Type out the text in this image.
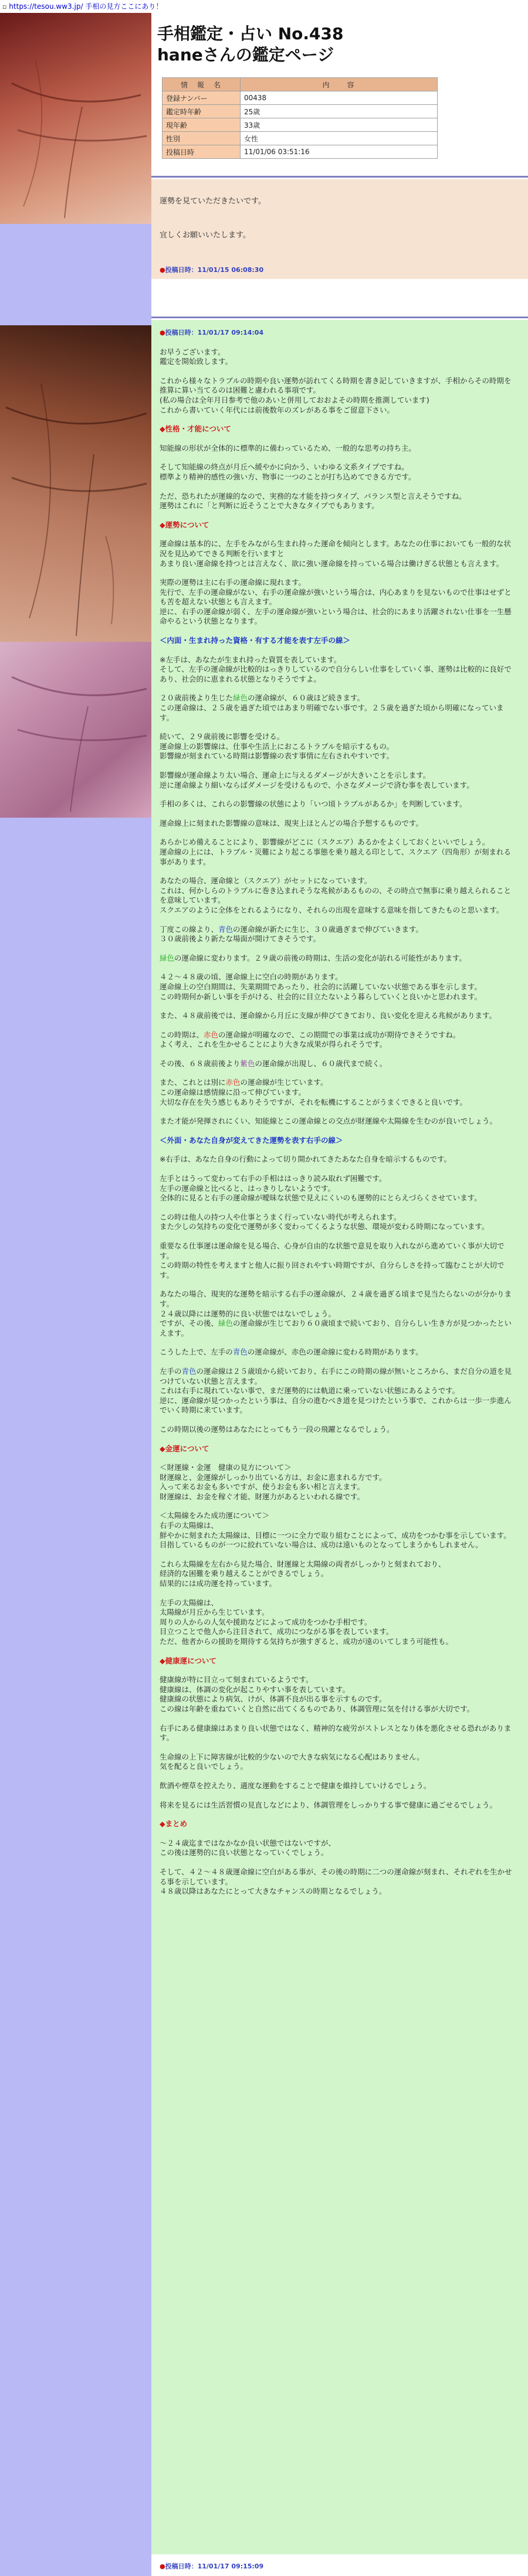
▫ https://tesou.ww3.jp/ 手相の見方ここにあり！
手相鑑定・占い No.438
haneさんの鑑定ページ
情　報　名	内　　容
登録ナンバー	00438
鑑定時年齢	25歳
現年齢	33歳
性別	女性
投稿日時	11/01/06 03:51:16

運勢を見ていただきたいです。

宜しくお願いいたします。

●投稿日時：11/01/15 06:08:30

●投稿日時：11/01/17 09:14:04

お早うございます。
鑑定を開始致します。

これから様々なトラブルの時期や良い運勢が訪れてくる時期を書き記していきますが、手相からその時期を推算に算い当てるのは困難と慮われる事項です。
(私の場合は全年月日参考で他のあいと併用しておおよその時期を推測しています)
これから書いていく年代には前後数年のズレがある事をご留意下さい。

◆性格・才能について

知能線の形状が全体的に標準的に備わっているため、一般的な思考の持ち主。

そして知能線の終点が月丘へ緩やかに向かう、いわゆる文系タイプですね。
標準より精神的感性の強い方、物事に一つのことが打ち込めてできる方です。

ただ、恐ちれたが運線的なので、実務的な才能を持つタイプ、バランス型と言えそうですね。
運勢はこれに「と判断に近そうことで大きなタイプでもあります。

◆運勢について

運命線は基本的に、左手をみながら生まれ持った運命を傾向とします。あなたの仕事においても一般的な状況を見込めてできる判断を行いますと
あまり良い運命線を持つとは言えなく、欲に強い運命線を持っている場合は働けぎる状態とも言えます。

実際の運勢は主に右手の運命線に現れます。
先行で、左手の運命線がない、右手の運命線が強いという場合は、内心あまりを見ないもので仕事はせずとも苦を超えない状態とも言えます。
逆に、右手の運命線が弱く、左手の運命線が強いという場合は、社会的にあまり活躍されない仕事を一生懸命やるという状態となります。

＜内面・生まれ持った資格・有する才能を表す左手の線＞

※左手は、あなたが生まれ持った資質を表しています。
そして、左手の運命線が比較的はっきりしているので自分らしい仕事をしていく事、運勢は比較的に良好であり、社会的に恵まれる状態となりそうですよ。

２０歳前後より生じた緑色の運命線が、６０歳ほど続きます。
この運命線は、２５歳を過ぎた頃ではあまり明確でない事です。２５歳を過ぎた頃から明確になっています。

続いて、２９歳前後に影響を受ける。
運命線上の影響線は、仕事や生活上におこるトラブルを暗示するもの。
影響線が刻まれている時期は影響線の表す事情に左右されやすいです。

影響線が運命線より太い場合、運命上に与えるダメージが大きいことを示します。
逆に運命線より細いならばダメージを受けるもので、小さなダメージで済む事を表しています。

手相の多くは、これらの影響線の状態により「いつ頃トラブルがあるか」を判断しています。

運命線上に刻まれた影響線の意味は、現実上ほとんどの場合予想するものです。

あらかじめ備えることにより、影響線がどこに（スクエア）あるかをよくしておくといいでしょう。
運命線の上には、トラブル・災難により起こる事態を乗り越える印として、スクエア（四角形）が刻まれる事があります。

あなたの場合、運命線と（スクエア）がセットになっています。
これは、何かしらのトラブルに巻き込まれそうな兆候があるものの、その時点で無事に乗り越えられることを意味しています。
スクエアのように全体をとれるようになり、それらの出現を意味する意味を指してきたものと思います。

丁度この線より、青色の運命線が新たに生じ、３０歳過ぎまで伸びていきます。
３０歳前後より新たな場面が開けてきそうです。

緑色の運命線に変わります。２９歳の前後の時期は、生活の変化が訪れる可能性があります。

４２〜４８歳の頃、運命線上に空白の時期があります。
運命線上の空白期間は、失業期間であったり、社会的に活躍していない状態である事を示します。
この時期何か新しい事を手がける、社会的に目立たないよう暮らしていくと良いかと思われます。

また、４８歳前後では、運命線から月丘に支線が伸びてきており、良い変化を迎える兆候があります。

この時期は、赤色の運命線が明確なので、この期間での事業は成功が期待できそうですね。
よく考え、これを生かせることにより大きな成果が得られそうです。

その後、６８歳前後より紫色の運命線が出現し、６０歳代まで続く。

また、これとは別に赤色の運命線が生じています。
この運命線は感情線に沿って伸びています。
大切な存在を失う感じもありそうですが、それを転機にすることがうまくできると良いです。

また才能が発揮されにくい、知能線とこの運命線との交点が財運線や太陽線を生むのが良いでしょう。

＜外面・あなた自身が変えてきた運勢を表す右手の線＞

※右手は、あなた自身の行動によって切り開かれてきたあなた自身を暗示するものです。

左手とはうって変わって右手の手相ははっきり読み取れず困難です。
左手の運命線と比べると、はっきりしないようです。
全体的に見ると右手の運命線が曖昧な状態で見えにくいのも運勢的にとらえづらくさせています。

この時は他人の持つ人や仕事とうまく行っていない時代が考えられます。
また少しの気持ちの変化で運勢が多く変わってくるような状態、環境が変わる時期になっています。

重要なる仕事運は運命線を見る場合、心身が自由的な状態で意見を取り入れながら進めていく事が大切です。
この時期の特性を考えますと他人に振り回されやすい時期ですが、自分らしさを持って臨むことが大切です。

あなたの場合、現実的な運勢を暗示する右手の運命線が、２４歳を過ぎる頃まで見当たらないのが分かります。
２４歳以降には運勢的に良い状態ではないでしょう。
ですが、その後、緑色の運命線が生じており６０歳頃まで続いており、自分らしい生き方が見つかったといえます。

こうした上で、左手の青色の運命線が、赤色の運命線に変わる時期があります。

左手の青色の運命線は２５歳頃から続いており、右手にこの時期の線が無いところから、まだ自分の道を見つけていない状態と言えます。
これは右手に現れていない事で、まだ運勢的には軌道に乗っていない状態にあるようです。
逆に、運命線が見つかったという事は、自分の進むべき道を見つけたという事で、これからは一歩一歩進んでいく時期に来ています。

この時期以後の運勢はあなたにとってもう一段の飛躍となるでしょう。

◆金運について

＜財運線・金運　健康の見方について＞
財運線と、金運線がしっかり出ている方は、お金に恵まれる方です。
入って来るお金も多いですが、使うお金も多い相と言えます。
財運線は、お金を稼ぐ才能、財運力があるといわれる線です。

＜太陽線をみた成功運について＞
右手の太陽線は、
鮮やかに刻まれた太陽線は、目標に一つに全力で取り組むことによって、成功をつかむ事を示しています。
目指しているものが一つに絞れていない場合は、成功は遠いものとなってしまうかもしれません。

これら太陽線を左右から見た場合、財運線と太陽線の両者がしっかりと刻まれており、
経済的な困難を乗り越えることができるでしょう。
結果的には成功運を持っています。

左手の太陽線は、
太陽線が月丘から生じています。
周りの人からの人気や援助などによって成功をつかむ手相です。
目立つことで他人から注目されて、成功につながる事を表しています。
ただ、他者からの援助を期待する気持ちが強すぎると、成功が遠のいてしまう可能性も。

◆健康運について

健康線が特に目立って刻まれているようです。
健康線は、体調の変化が起こりやすい事を表しています。
健康線の状態により病気、けが、体調不良が出る事を示すものです。
この線は年齢を重ねていくと自然に出てくるものであり、体調管理に気を付ける事が大切です。

右手にある健康線はあまり良い状態ではなく、精神的な疲労がストレスとなり体を悪化させる恐れがあります。

生命線の上下に障害線が比較的少ないので大きな病気になる心配はありません。
気を配ると良いでしょう。

飲酒や煙草を控えたり、適度な運動をすることで健康を維持していけるでしょう。

将来を見るには生活習慣の見直しなどにより、体調管理をしっかりする事で健康に過ごせるでしょう。

◆まとめ

〜２４歳迄まではなかなか良い状態ではないですが、
この後は運勢的に良い状態となっていくでしょう。

そして、４２〜４８歳運命線に空白がある事が、その後の時期に二つの運命線が刻まれ、それぞれを生かせる事を示しています。
４８歳以降はあなたにとって大きなチャンスの時期となるでしょう。

●投稿日時：11/01/17 09:15:09
